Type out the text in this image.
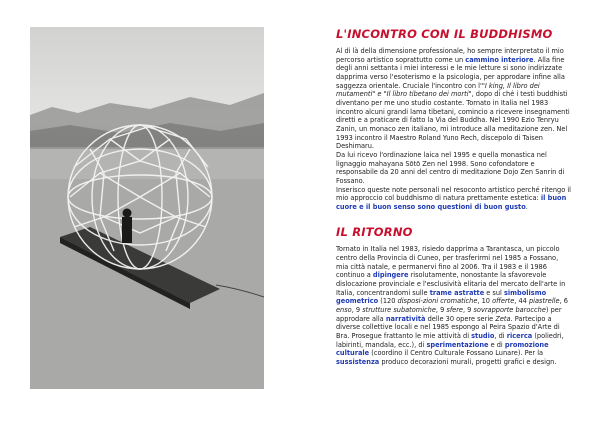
L'INCONTRO CON IL BUDDHISMO

Al di là della dimensione professionale, ho sempre interpretato il mio percorso artistico soprattutto come un cammino interiore. Alla fine degli anni settanta i miei interessi e le mie letture si sono indirizzate dapprima verso l'esoterismo e la psicologia, per approdare infine alla saggezza orientale. Cruciale l'incontro con l'"I king, Il libro dei mutamenti" e "Il libro tibetano dei morti", dopo di ché i testi buddhisti diventano per me uno studio costante. Tornato in Italia nel 1983 incontro alcuni grandi lama tibetani, comincio a ricevere insegnamenti diretti e a praticare di fatto la Via del Buddha. Nel 1990 Ezio Tenryu Zanin, un monaco zen italiano, mi introduce alla meditazione zen. Nel 1993 incontro il Maestro Roland Yuno Rech, discepolo di Taisen Deshimaru.

Da lui ricevo l'ordinazione laica nel 1995 e quella monastica nel lignaggio mahayana Sōtō Zen nel 1998. Sono cofondatore e responsabile da 20 anni del centro di meditazione Dojo Zen Sanrin di Fossano.

Inserisco queste note personali nel resoconto artistico perché ritengo il mio approccio col buddhismo di natura prettamente estetica: il buon cuore e il buon senso sono questioni di buon gusto.

IL RITORNO

Tornato in Italia nel 1983, risiedo dapprima a Tarantasca, un piccolo centro della Provincia di Cuneo, per trasferirmi nel 1985 a Fossano, mia città natale, e permanervi fino al 2006. Tra il 1983 e il 1986 continuo a dipingere risolutamente, nonostante la sfavorevole dislocazione provinciale e l'esclusività elitaria del mercato dell'arte in Italia, concentrandomi sulle trame astratte e sul simbolismo geometrico (120 disposi-zioni cromatiche, 10 offerte, 44 piastrelle, 6 enso, 9 strutture subatomiche, 9 sfere, 9 sovrapporte barocche) per approdare alla narratività delle 30 opere serie Zeta. Partecipo a diverse collettive locali e nel 1985 espongo al Peira Spazio d'Arte di Bra. Prosegue frattanto le mie attività di studio, di ricerca (poliedri, labirinti, mandala, ecc.), di sperimentazione e di promozione culturale (coordino il Centro Culturale Fossano Lunare). Per la sussistenza produco decorazioni murali, progetti grafici e design.
